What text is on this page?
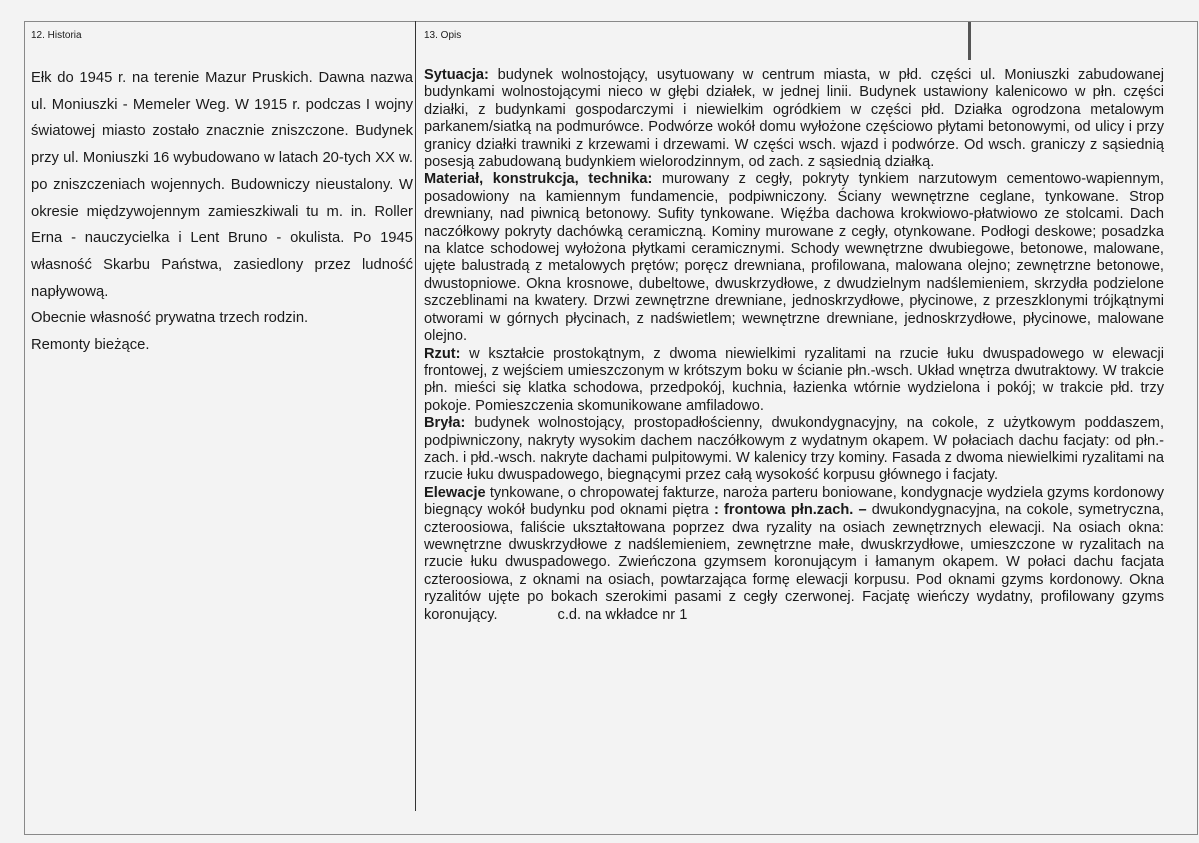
12. Historia	13. Opis

Ełk do 1945 r. na terenie Mazur Pruskich. Dawna nazwa ul. Moniuszki - Memeler Weg. W 1915 r. podczas I wojny światowej miasto zostało znacznie zniszczone. Budynek przy ul. Moniuszki 16 wybudowano w latach 20-tych XX w. po zniszczeniach wojennych. Budowniczy nieustalony. W okresie międzywojennym zamieszkiwali tu m. in. Roller Erna - nauczycielka i Lent Bruno - okulista. Po 1945 własność Skarbu Państwa, zasiedlony przez ludność napływową.

Obecnie własność prywatna trzech rodzin.

Remonty bieżące.

Sytuacja: budynek wolnostojący, usytuowany w centrum miasta, w płd. części ul. Moniuszki zabudowanej budynkami wolnostojącymi nieco w głębi działek, w jednej linii. Budynek ustawiony kalenicowo w płn. części działki, z budynkami gospodarczymi i niewielkim ogródkiem w części płd. Działka ogrodzona metalowym parkanem/siatką na podmurówce. Podwórze wokół domu wyłożone częściowo płytami betonowymi, od ulicy i przy granicy działki trawniki z krzewami i drzewami. W części wsch. wjazd i podwórze. Od wsch. graniczy z sąsiednią posesją zabudowaną budynkiem wielorodzinnym, od zach. z sąsiednią działką.

Materiał, konstrukcja, technika: murowany z cegły, pokryty tynkiem narzutowym cementowo-wapiennym, posadowiony na kamiennym fundamencie, podpiwniczony. Ściany wewnętrzne ceglane, tynkowane. Strop drewniany, nad piwnicą betonowy. Sufity tynkowane. Więźba dachowa krokwiowo-płatwiowo ze stolcami. Dach naczółkowy pokryty dachówką ceramiczną. Kominy murowane z cegły, otynkowane. Podłogi deskowe; posadzka na klatce schodowej wyłożona płytkami ceramicznymi. Schody wewnętrzne dwubiegowe, betonowe, malowane, ujęte balustradą z metalowych prętów; poręcz drewniana, profilowana, malowana olejno; zewnętrzne betonowe, dwustopniowe. Okna krosnowe, dubeltowe, dwuskrzydłowe, z dwudzielnym nadślemieniem, skrzydła podzielone szczeblinami na kwatery. Drzwi zewnętrzne drewniane, jednoskrzydłowe, płycinowe, z przeszklonymi trójkątnymi otworami w górnych płycinach, z nadświetlem; wewnętrzne drewniane, jednoskrzydłowe, płycinowe, malowane olejno.

Rzut: w kształcie prostokątnym, z dwoma niewielkimi ryzalitami na rzucie łuku dwuspadowego w elewacji frontowej, z wejściem umieszczonym w krótszym boku w ścianie płn.-wsch. Układ wnętrza dwutraktowy. W trakcie płn. mieści się klatka schodowa, przedpokój, kuchnia, łazienka wtórnie wydzielona i pokój; w trakcie płd. trzy pokoje. Pomieszczenia skomunikowane amfiladowo.

Bryła: budynek wolnostojący, prostopadłościenny, dwukondygnacyjny, na cokole, z użytkowym poddaszem, podpiwniczony, nakryty wysokim dachem naczółkowym z wydatnym okapem. W połaciach dachu facjaty: od płn.-zach. i płd.-wsch. nakryte dachami pulpitowymi. W kalenicy trzy kominy. Fasada z dwoma niewielkimi ryzalitami na rzucie łuku dwuspadowego, biegnącymi przez całą wysokość korpusu głównego i facjaty.

Elewacje tynkowane, o chropowatej fakturze, naroża parteru boniowane, kondygnacje wydziela gzyms kordonowy biegnący wokół budynku pod oknami piętra : frontowa płn.zach. – dwukondygnacyjna, na cokole, symetryczna, czteroosiowa, faliście ukształtowana poprzez dwa ryzality na osiach zewnętrznych elewacji. Na osiach okna: wewnętrzne dwuskrzydłowe z nadślemieniem, zewnętrzne małe, dwuskrzydłowe, umieszczone w ryzalitach na rzucie łuku dwuspadowego. Zwieńczona gzymsem koronującym i łamanym okapem. W połaci dachu facjata czteroosiowa, z oknami na osiach, powtarzająca formę elewacji korpusu. Pod oknami gzyms kordonowy. Okna ryzalitów ujęte po bokach szerokimi pasami z cegły czerwonej. Facjatę wieńczy wydatny, profilowany gzyms koronujący.	c.d. na wkładce nr 1
